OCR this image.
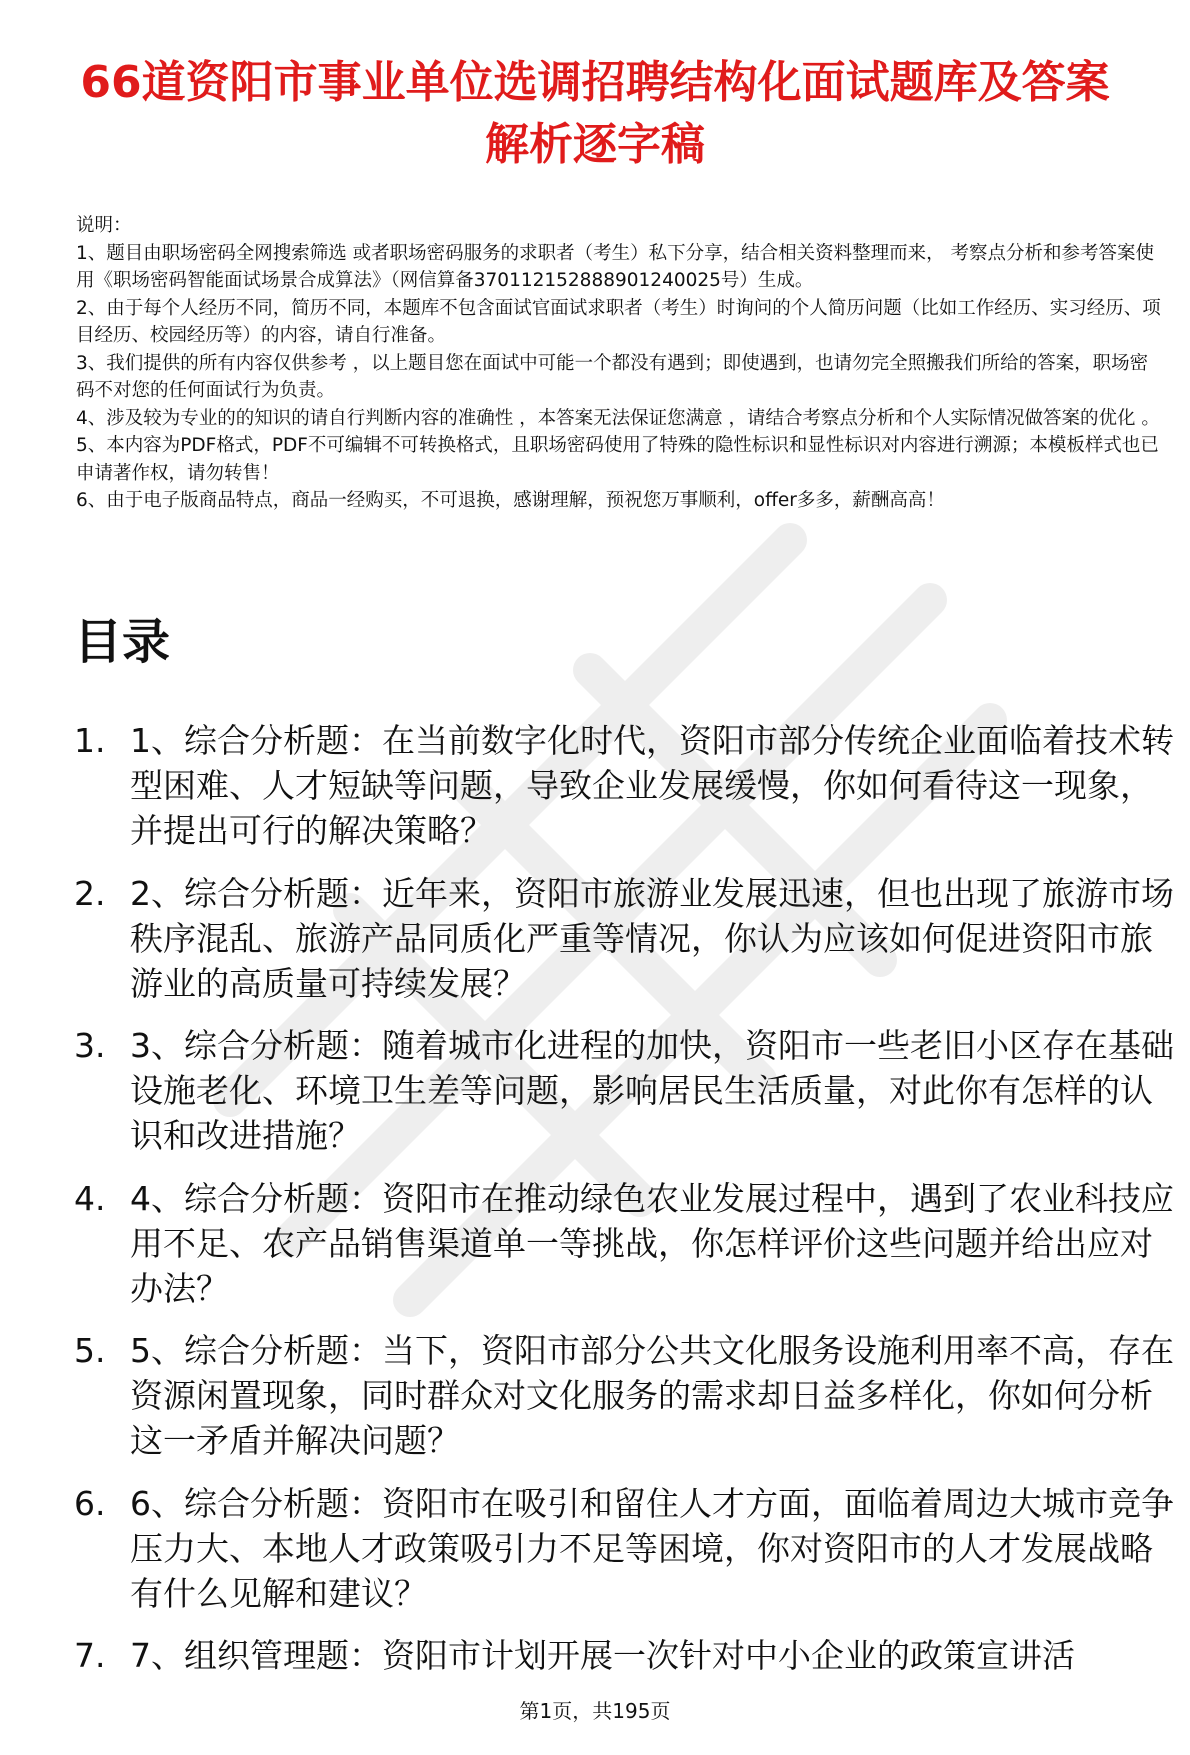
66道资阳市事业单位选调招聘结构化面试题库及答案解析逐字稿

说明：

1、题目由职场密码全网搜索筛选 或者职场密码服务的求职者（考生）私下分享，结合相关资料整理而来， 考察点分析和参考答案使用《职场密码智能面试场景合成算法》（网信算备370112152888901240025号）生成。

2、由于每个人经历不同，简历不同，本题库不包含面试官面试求职者（考生）时询问的个人简历问题（比如工作经历、实习经历、项目经历、校园经历等）的内容，请自行准备。

3、我们提供的所有内容仅供参考 ，以上题目您在面试中可能一个都没有遇到；即使遇到，也请勿完全照搬我们所给的答案，职场密码不对您的任何面试行为负责。

4、涉及较为专业的的知识的请自行判断内容的准确性 ，本答案无法保证您满意 ，请结合考察点分析和个人实际情况做答案的优化 。

5、本内容为PDF格式，PDF不可编辑不可转换格式，且职场密码使用了特殊的隐性标识和显性标识对内容进行溯源；本模板样式也已申请著作权，请勿转售！

6、由于电子版商品特点，商品一经购买，不可退换，感谢理解，预祝您万事顺利，offer多多，薪酬高高！

目录
1. 1、综合分析题：在当前数字化时代，资阳市部分传统企业面临着技术转型困难、人才短缺等问题，导致企业发展缓慢，你如何看待这一现象，并提出可行的解决策略？
2. 2、综合分析题：近年来，资阳市旅游业发展迅速，但也出现了旅游市场秩序混乱、旅游产品同质化严重等情况，你认为应该如何促进资阳市旅游业的高质量可持续发展？
3. 3、综合分析题：随着城市化进程的加快，资阳市一些老旧小区存在基础设施老化、环境卫生差等问题，影响居民生活质量，对此你有怎样的认识和改进措施？
4. 4、综合分析题：资阳市在推动绿色农业发展过程中，遇到了农业科技应用不足、农产品销售渠道单一等挑战，你怎样评价这些问题并给出应对办法？
5. 5、综合分析题：当下，资阳市部分公共文化服务设施利用率不高，存在资源闲置现象，同时群众对文化服务的需求却日益多样化，你如何分析这一矛盾并解决问题？
6. 6、综合分析题：资阳市在吸引和留住人才方面，面临着周边大城市竞争压力大、本地人才政策吸引力不足等困境，你对资阳市的人才发展战略有什么见解和建议？
7. 7、组织管理题：资阳市计划开展一次针对中小企业的政策宣讲活
第1页，共195页
